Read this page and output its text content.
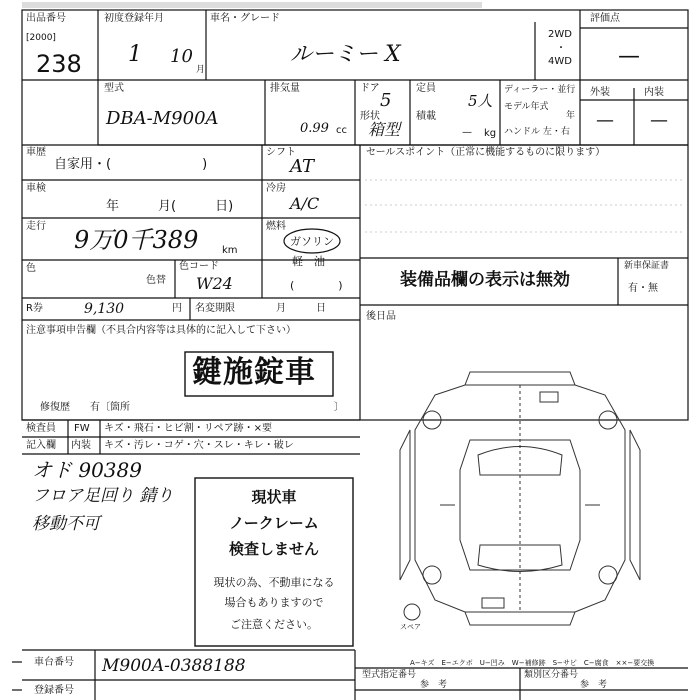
出品番号
[2000]
238
初度登録年月
1 10
月
車名・グレード
ルーミー X
2WD
・
4WD
評価点
—
型式
DBA-M900A
排気量
0.99 cc
ドア
5
形状
箱型
定員
5人
積載
— kg
ディーラー・並行
モデル年式
年
ハンドル 左・右
外装	内装
— —
車歴
自家用・(　　　　　　　)
シフト
AT
車検
年　　　月(　　　日)
冷房
A/C
走行 9万0千389 km
燃料
ガソリン
軽　油
(　　　　)
色
色替
色コード
W24
R券	9,130	円 名変期限	月　　　日
セールスポイント（正常に機能するものに限ります）
装備品欄の表示は無効
新車保証書
有・無
後日品
注意事項申告欄（不具合内容等は具体的に記入して下さい）
鍵施錠車
修復歴　　有〔箇所	〕
検査員
記入欄
FW キズ・飛石・ヒビ割・リペア跡・×要
内装 キズ・汚レ・コゲ・穴・スレ・キレ・破レ
オド 90389
フロア足回り 錆り
移動不可
現状車
ノークレーム
検査しません
現状の為、不動車になる
場合もありますので
ご注意ください。	スペア
A−キズ　E−エクボ　U−凹み　W−補修跡　S−サビ　C−腐食　××−要交換
車台番号 M900A-0388188
登録番号
型式指定番号
参　考
類別区分番号
参　考
